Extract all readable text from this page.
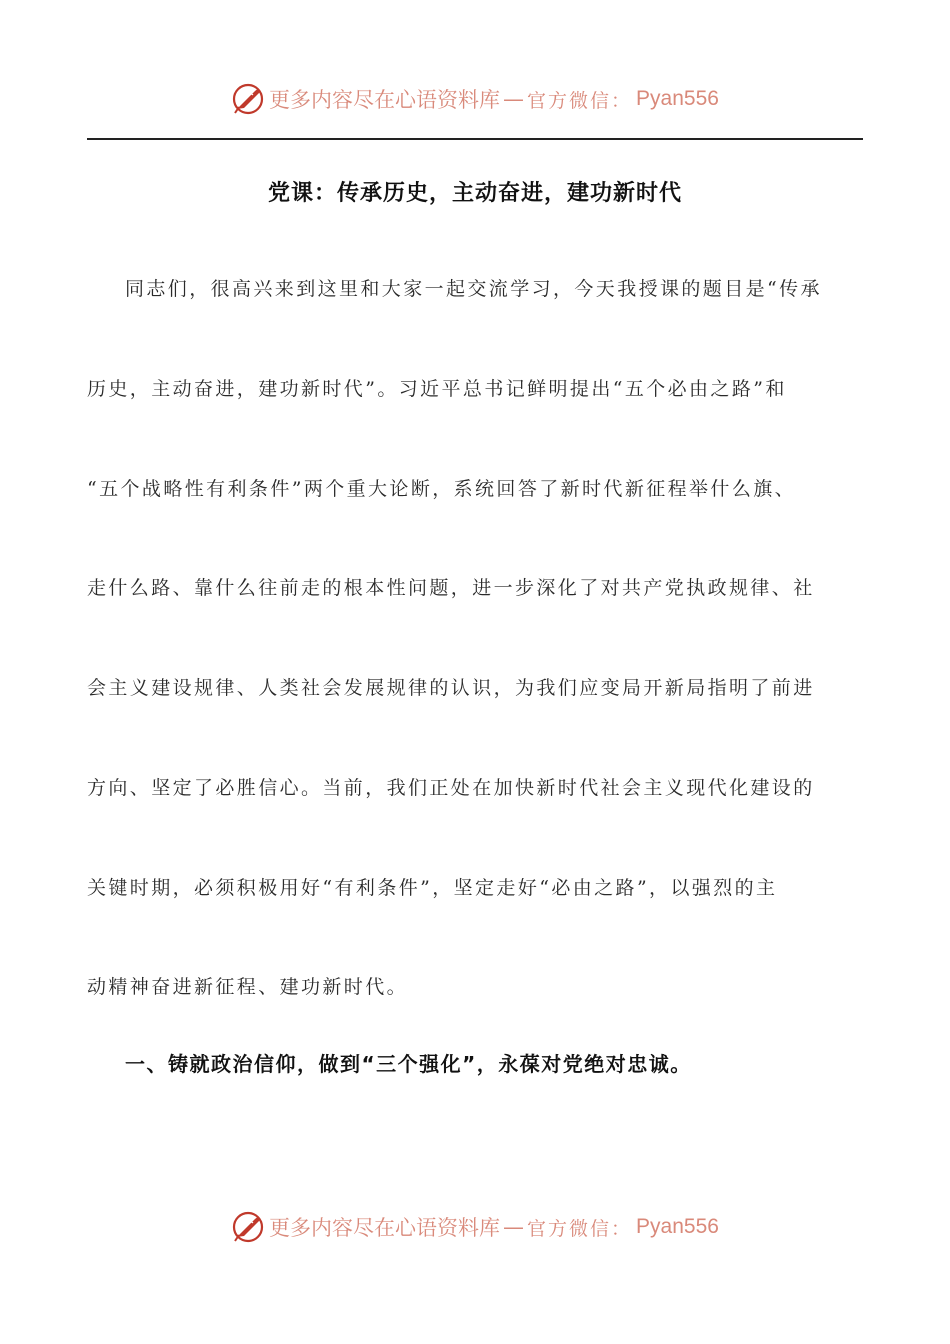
更多内容尽在心语资料库 — 官方微信： Pyan556
党课：传承历史，主动奋进，建功新时代
同志们，很高兴来到这里和大家一起交流学习，今天我授课的题目是“传承
历史，主动奋进，建功新时代”。习近平总书记鲜明提出“五个必由之路”和
“五个战略性有利条件”两个重大论断，系统回答了新时代新征程举什么旗、
走什么路、靠什么往前走的根本性问题，进一步深化了对共产党执政规律、社
会主义建设规律、人类社会发展规律的认识，为我们应变局开新局指明了前进
方向、坚定了必胜信心。当前，我们正处在加快新时代社会主义现代化建设的
关键时期，必须积极用好“有利条件”，坚定走好“必由之路”，以强烈的主
动精神奋进新征程、建功新时代。
一、铸就政治信仰，做到“三个强化”，永葆对党绝对忠诚。
更多内容尽在心语资料库 — 官方微信： Pyan556
